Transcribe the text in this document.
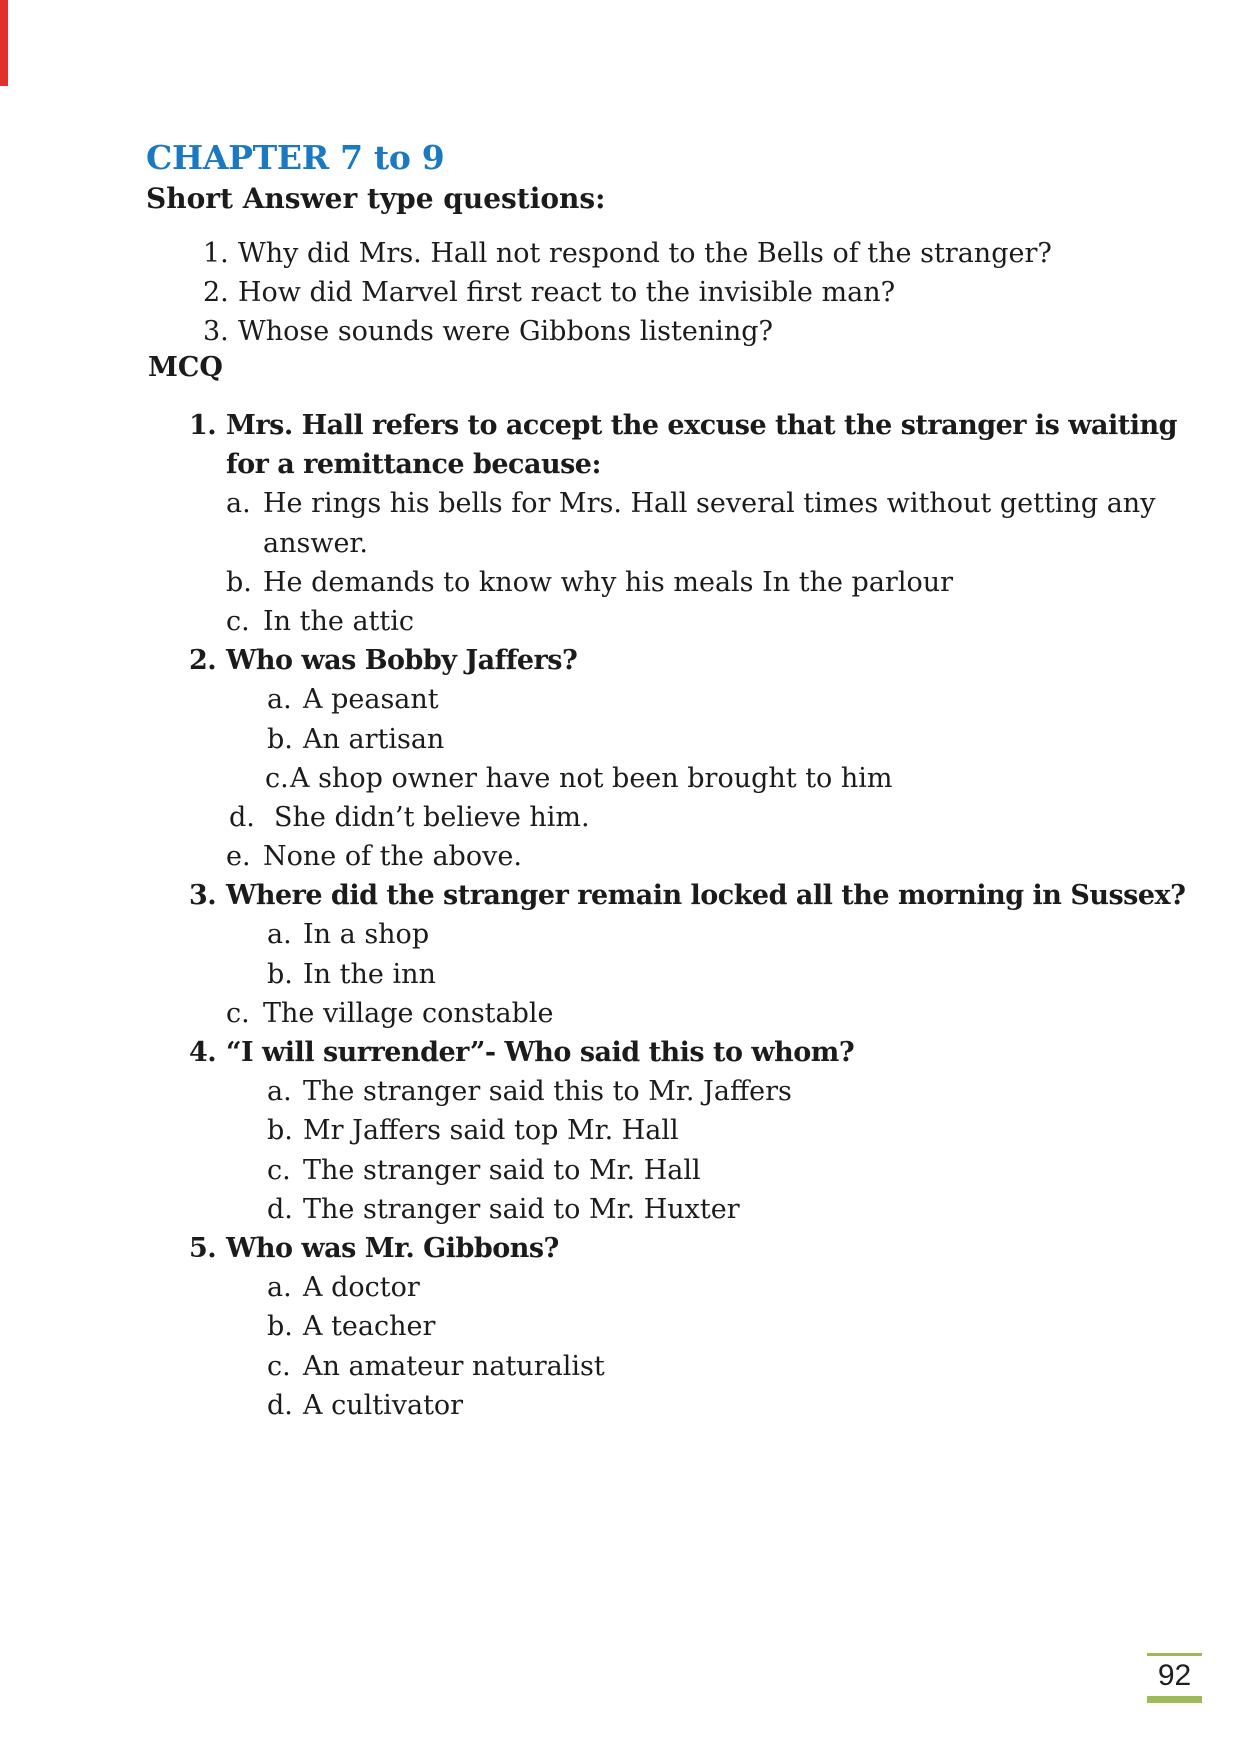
CHAPTER 7 to 9
Short Answer type questions:
1. Why did Mrs. Hall not respond to the Bells of the stranger?
2. How did Marvel first react to the invisible man?
3. Whose sounds were Gibbons listening?
MCQ
1. Mrs. Hall refers to accept the excuse that the stranger is waiting
for a remittance because:
a. He rings his bells for Mrs. Hall several times without getting any
answer.
b. He demands to know why his meals In the parlour
c. In the attic
2. Who was Bobby Jaffers?
a. A peasant
b. An artisan
c. A shop owner have not been brought to him
d. She didn’t believe him.
e. None of the above.
3. Where did the stranger remain locked all the morning in Sussex?
a. In a shop
b. In the inn
c. The village constable
4. “I will surrender”- Who said this to whom?
a. The stranger said this to Mr. Jaffers
b. Mr Jaffers said top Mr. Hall
c. The stranger said to Mr. Hall
d. The stranger said to Mr. Huxter
5. Who was Mr. Gibbons?
a. A doctor
b. A teacher
c. An amateur naturalist
d. A cultivator
92
